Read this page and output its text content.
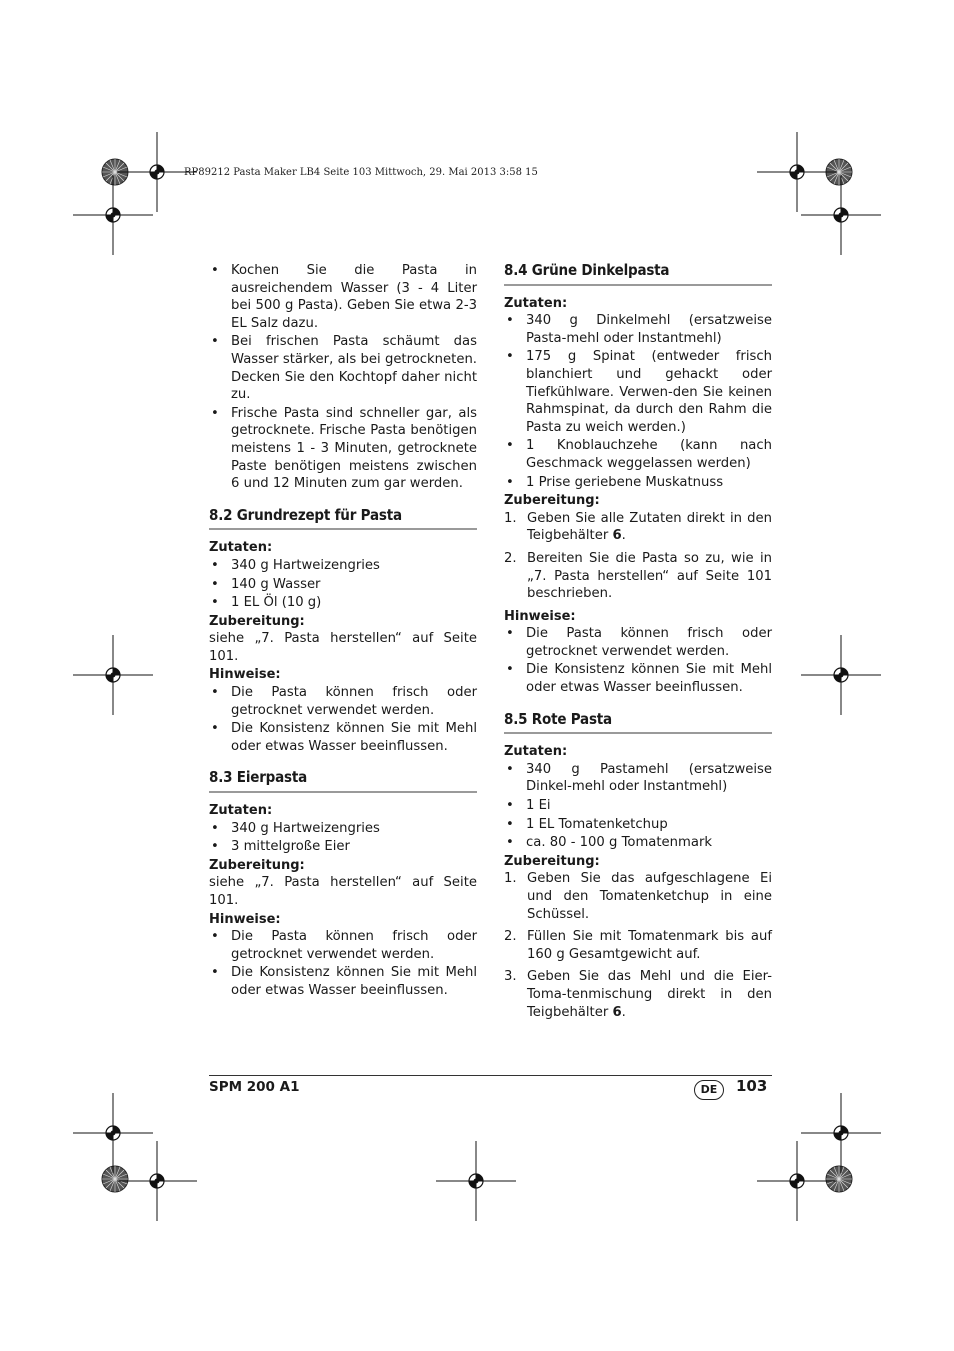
RP89212 Pasta Maker LB4 Seite 103 Mittwoch, 29. Mai 2013 3:58 15
• Kochen Sie die Pasta in ausreichendem Wasser (3 - 4 Liter bei 500 g Pasta). Geben Sie etwa 2-3 EL Salz dazu.
• Bei frischen Pasta schäumt das Wasser stärker, als bei getrockneten. Decken Sie den Kochtopf daher nicht zu.
• Frische Pasta sind schneller gar, als getrocknete. Frische Pasta benötigen meistens 1 - 3 Minuten, getrocknete Paste benötigen meistens zwischen 6 und 12 Minuten zum gar werden.
8.2 Grundrezept für Pasta
Zutaten:
• 340 g Hartweizengries
• 140 g Wasser
• 1 EL Öl (10 g)
Zubereitung:
siehe „7. Pasta herstellen“ auf Seite 101.
Hinweise:
• Die Pasta können frisch oder getrocknet verwendet werden.
• Die Konsistenz können Sie mit Mehl oder etwas Wasser beeinflussen.
8.3 Eierpasta
Zutaten:
• 340 g Hartweizengries
• 3 mittelgroße Eier
Zubereitung:
siehe „7. Pasta herstellen“ auf Seite 101.
Hinweise:
• Die Pasta können frisch oder getrocknet verwendet werden.
• Die Konsistenz können Sie mit Mehl oder etwas Wasser beeinflussen.
8.4 Grüne Dinkelpasta
Zutaten:
• 340 g Dinkelmehl (ersatzweise Pasta-mehl oder Instantmehl)
• 175 g Spinat (entweder frisch blanchiert und gehackt oder Tiefkühlware. Verwen-den Sie keinen Rahmspinat, da durch den Rahm die Pasta zu weich werden.)
• 1 Knoblauchzehe (kann nach Geschmack weggelassen werden)
• 1 Prise geriebene Muskatnuss
Zubereitung:
1. Geben Sie alle Zutaten direkt in den Teigbehälter 6.
2. Bereiten Sie die Pasta so zu, wie in „7. Pasta herstellen“ auf Seite 101 beschrieben.
Hinweise:
• Die Pasta können frisch oder getrocknet verwendet werden.
• Die Konsistenz können Sie mit Mehl oder etwas Wasser beeinflussen.
8.5 Rote Pasta
Zutaten:
• 340 g Pastamehl (ersatzweise Dinkel-mehl oder Instantmehl)
• 1 Ei
• 1 EL Tomatenketchup
• ca. 80 - 100 g Tomatenmark
Zubereitung:
1. Geben Sie das aufgeschlagene Ei und den Tomatenketchup in eine Schüssel.
2. Füllen Sie mit Tomatenmark bis auf 160 g Gesamtgewicht auf.
3. Geben Sie das Mehl und die Eier-Toma-tenmischung direkt in den Teigbehälter 6.
SPM 200 A1	DE	103
